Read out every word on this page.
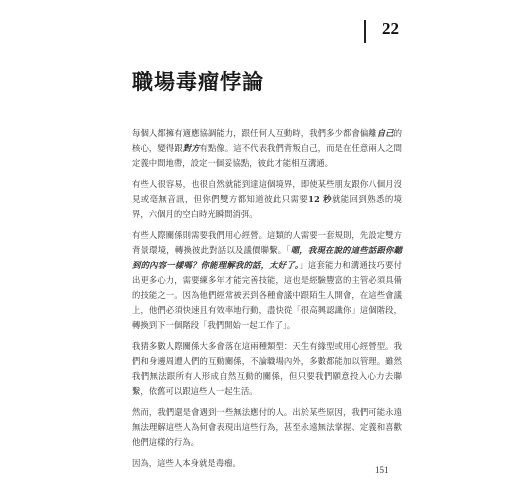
22
職場毒瘤悖論

每個人都擁有適應協調能力，跟任何人互動時，我們多少都會偏離自己的核心，變得跟對方有點像。這不代表我們背叛自己，而是在任意兩人之間定義中間地帶，設定一個妥協點，彼此才能相互溝通。

有些人很容易，也很自然就能到達這個境界，即使某些朋友跟你八個月沒見或毫無音訊，但你們雙方都知道彼此只需要12 秒就能回到熟悉的境界，六個月的空白時光瞬間消弭。

有些人際關係則需要我們用心經營。這類的人需要一套規則，先設定雙方背景環境，轉換彼此對話以及議價聯繫。「嗯，我現在說的這些話跟你聽到的內容一樣嗎？你能理解我的話，太好了。」這套能力和溝通技巧要付出更多心力，需要練多年才能完善技能，這也是經驗豐富的主管必須具備的技能之一。因為他們經常被丟到各種會議中跟陌生人開會，在這些會議上，他們必須快速且有效率地行動，盡快從「很高興認識你」這個階段，轉換到下一個階段「我們開始一起工作了」。

我猜多數人際關係大多會落在這兩種類型：天生有緣型或用心經營型。我們和身邊周遭人們的互動關係，不論職場內外，多數都能加以管理。雖然我們無法跟所有人形成自然互動的關係，但只要我們願意投入心力去聯繫，依舊可以跟這些人一起生活。

然而，我們還是會遇到一些無法應付的人。出於某些原因，我們可能永遠無法理解這些人為何會表現出這些行為，甚至永遠無法掌握、定義和喜歡他們這樣的行為。

因為，這些人本身就是毒瘤。

151
